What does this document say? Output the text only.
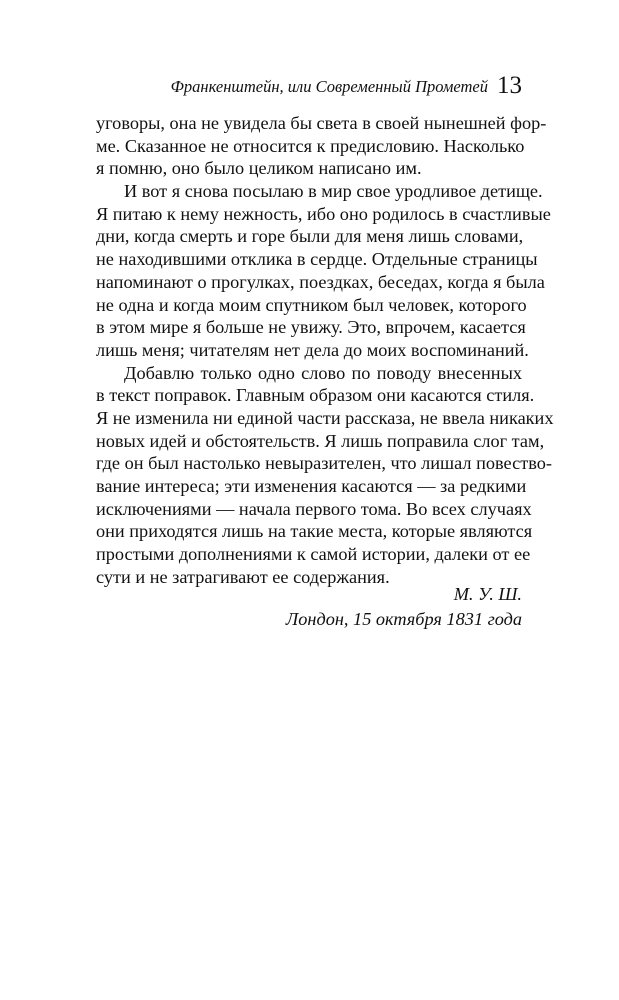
Франкенштейн, или Современный Прометей 13
уговоры, она не увидела бы света в своей нынешней фор-
ме. Сказанное не относится к предисловию. Насколько
я помню, оно было целиком написано им.
И вот я снова посылаю в мир свое уродливое детище.
Я питаю к нему нежность, ибо оно родилось в счастливые
дни, когда смерть и горе были для меня лишь словами,
не находившими отклика в сердце. Отдельные страницы
напоминают о прогулках, поездках, беседах, когда я была
не одна и когда моим спутником был человек, которого
в этом мире я больше не увижу. Это, впрочем, касается
лишь меня; читателям нет дела до моих воспоминаний.
Добавлю только одно слово по поводу внесенных
в текст поправок. Главным образом они касаются стиля.
Я не изменила ни единой части рассказа, не ввела никаких
новых идей и обстоятельств. Я лишь поправила слог там,
где он был настолько невыразителен, что лишал повество-
вание интереса; эти изменения касаются — за редкими
исключениями — начала первого тома. Во всех случаях
они приходятся лишь на такие места, которые являются
простыми дополнениями к самой истории, далеки от ее
сути и не затрагивают ее содержания.
М. У. Ш.
Лондон, 15 октября 1831 года
